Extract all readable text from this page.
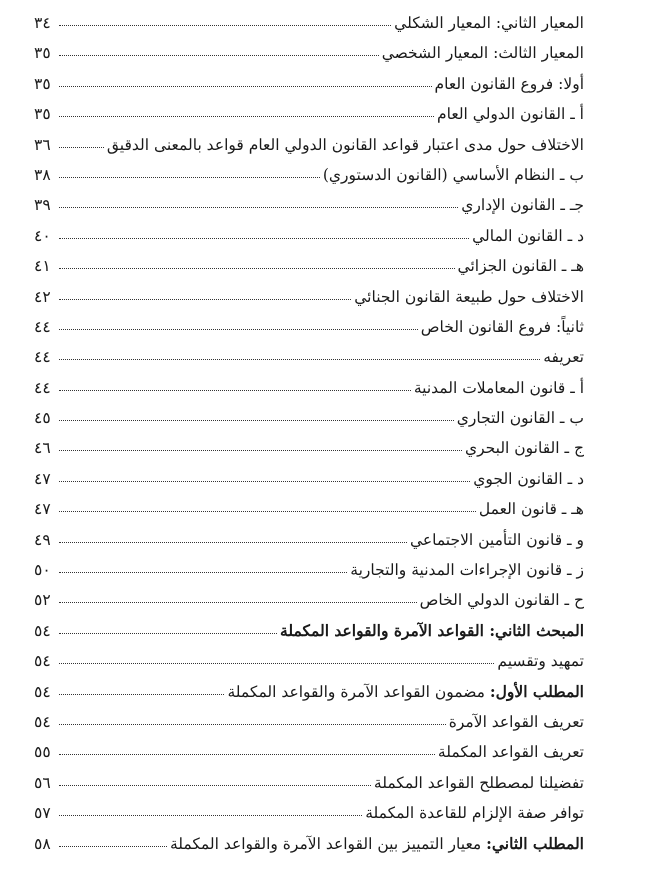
المعيار الثاني: المعيار الشكلي
٣٤
المعيار الثالث: المعيار الشخصي
٣٥
أولا: فروع القانون العام
٣٥
أ ـ القانون الدولي العام
٣٥
الاختلاف حول مدى اعتبار قواعد القانون الدولي العام قواعد بالمعنى الدقيق
٣٦
ب ـ النظام الأساسي (القانون الدستوري)
٣٨
جـ ـ القانون الإداري
٣٩
د ـ القانون المالي
٤٠
هـ ـ القانون الجزائي
٤١
الاختلاف حول طبيعة القانون الجنائي
٤٢
ثانياً: فروع القانون الخاص
٤٤
تعريفه
٤٤
أ ـ قانون المعاملات المدنية
٤٤
ب ـ القانون التجاري
٤٥
ج ـ القانون البحري
٤٦
د ـ القانون الجوي
٤٧
هـ ـ قانون العمل
٤٧
و ـ قانون التأمين الاجتماعي
٤٩
ز ـ قانون الإجراءات المدنية والتجارية
٥٠
ح ـ القانون الدولي الخاص
٥٢
المبحث الثاني: القواعد الآمرة والقواعد المكملة
٥٤
تمهيد وتقسيم
٥٤
المطلب الأول: مضمون القواعد الآمرة والقواعد المكملة
٥٤
تعريف القواعد الآمرة
٥٤
تعريف القواعد المكملة
٥٥
تفضيلنا لمصطلح القواعد المكملة
٥٦
توافر صفة الإلزام للقاعدة المكملة
٥٧
المطلب الثاني: معيار التمييز بين القواعد الآمرة والقواعد المكملة
٥٨
